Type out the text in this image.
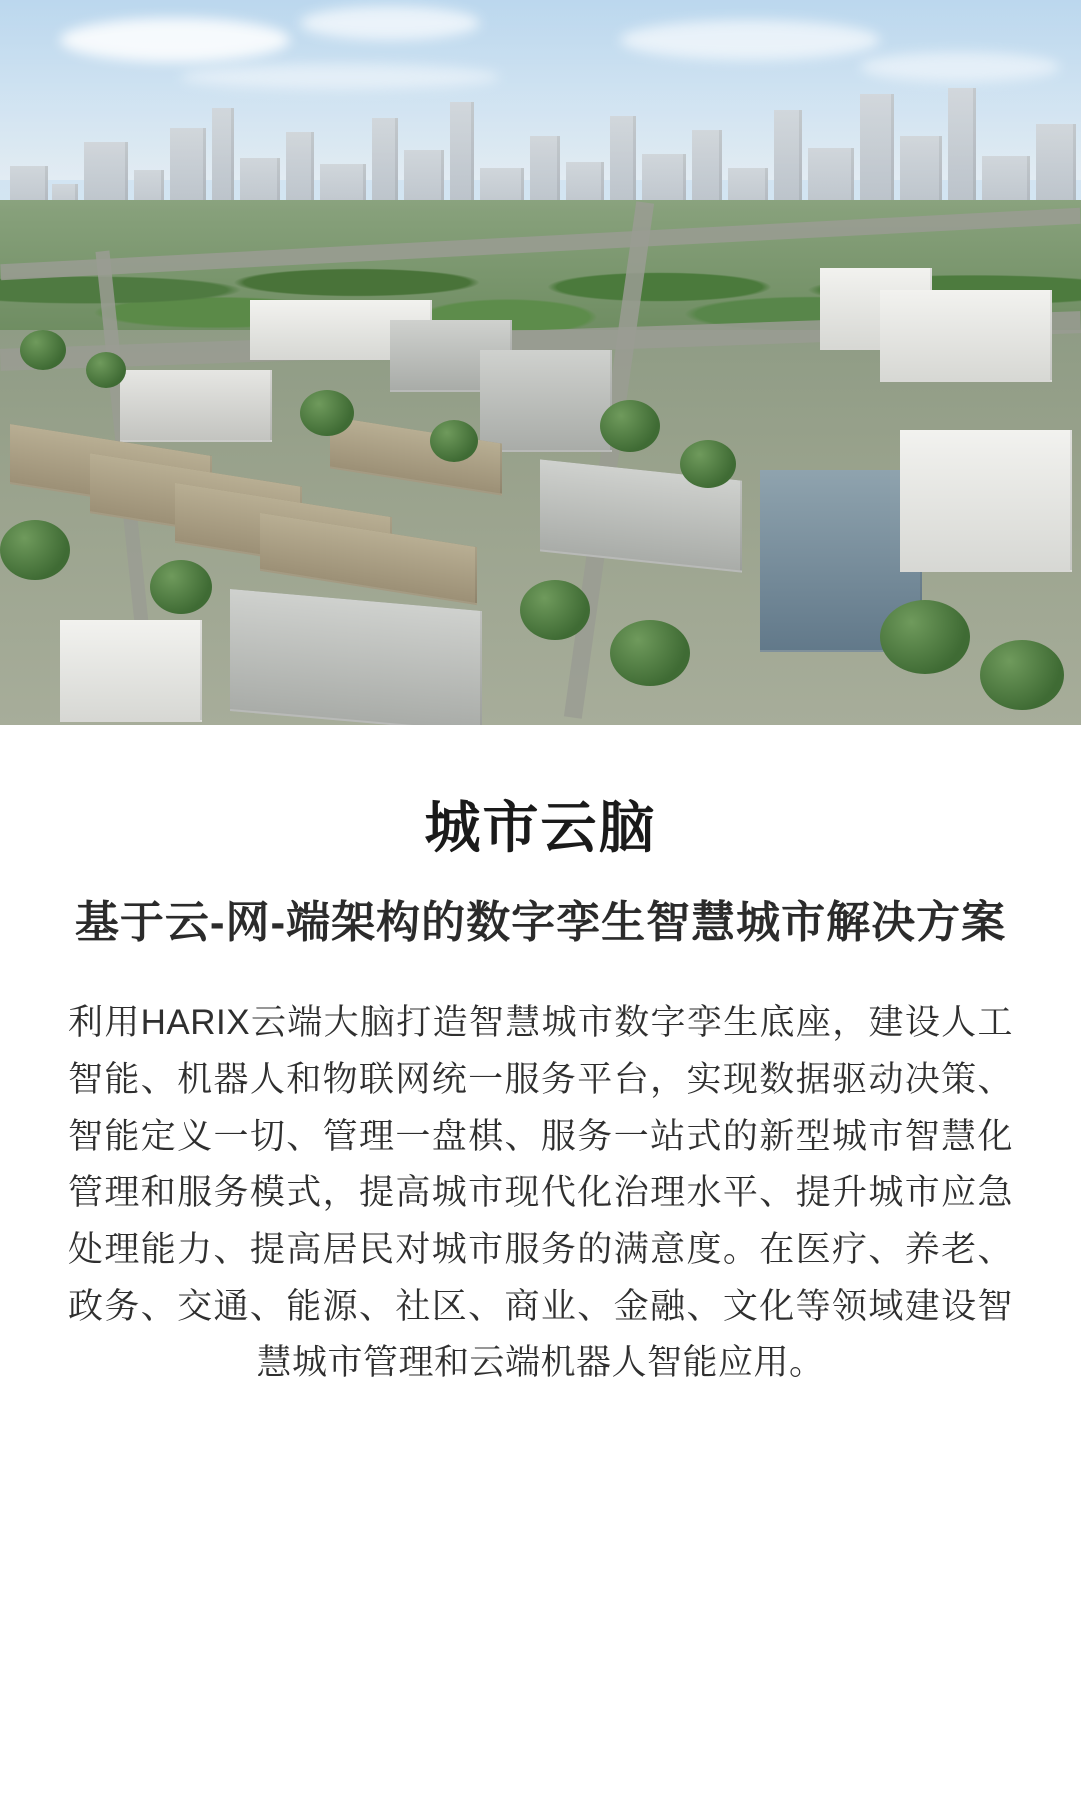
城市云脑
基于云-网-端架构的数字孪生智慧城市解决方案

利用HARIX云端大脑打造智慧城市数字孪生底座，建设人工智能、机器人和物联网统一服务平台，实现数据驱动决策、智能定义一切、管理一盘棋、服务一站式的新型城市智慧化管理和服务模式，提高城市现代化治理水平、提升城市应急处理能力、提高居民对城市服务的满意度。在医疗、养老、政务、交通、能源、社区、商业、金融、文化等领域建设智慧城市管理和云端机器人智能应用。
